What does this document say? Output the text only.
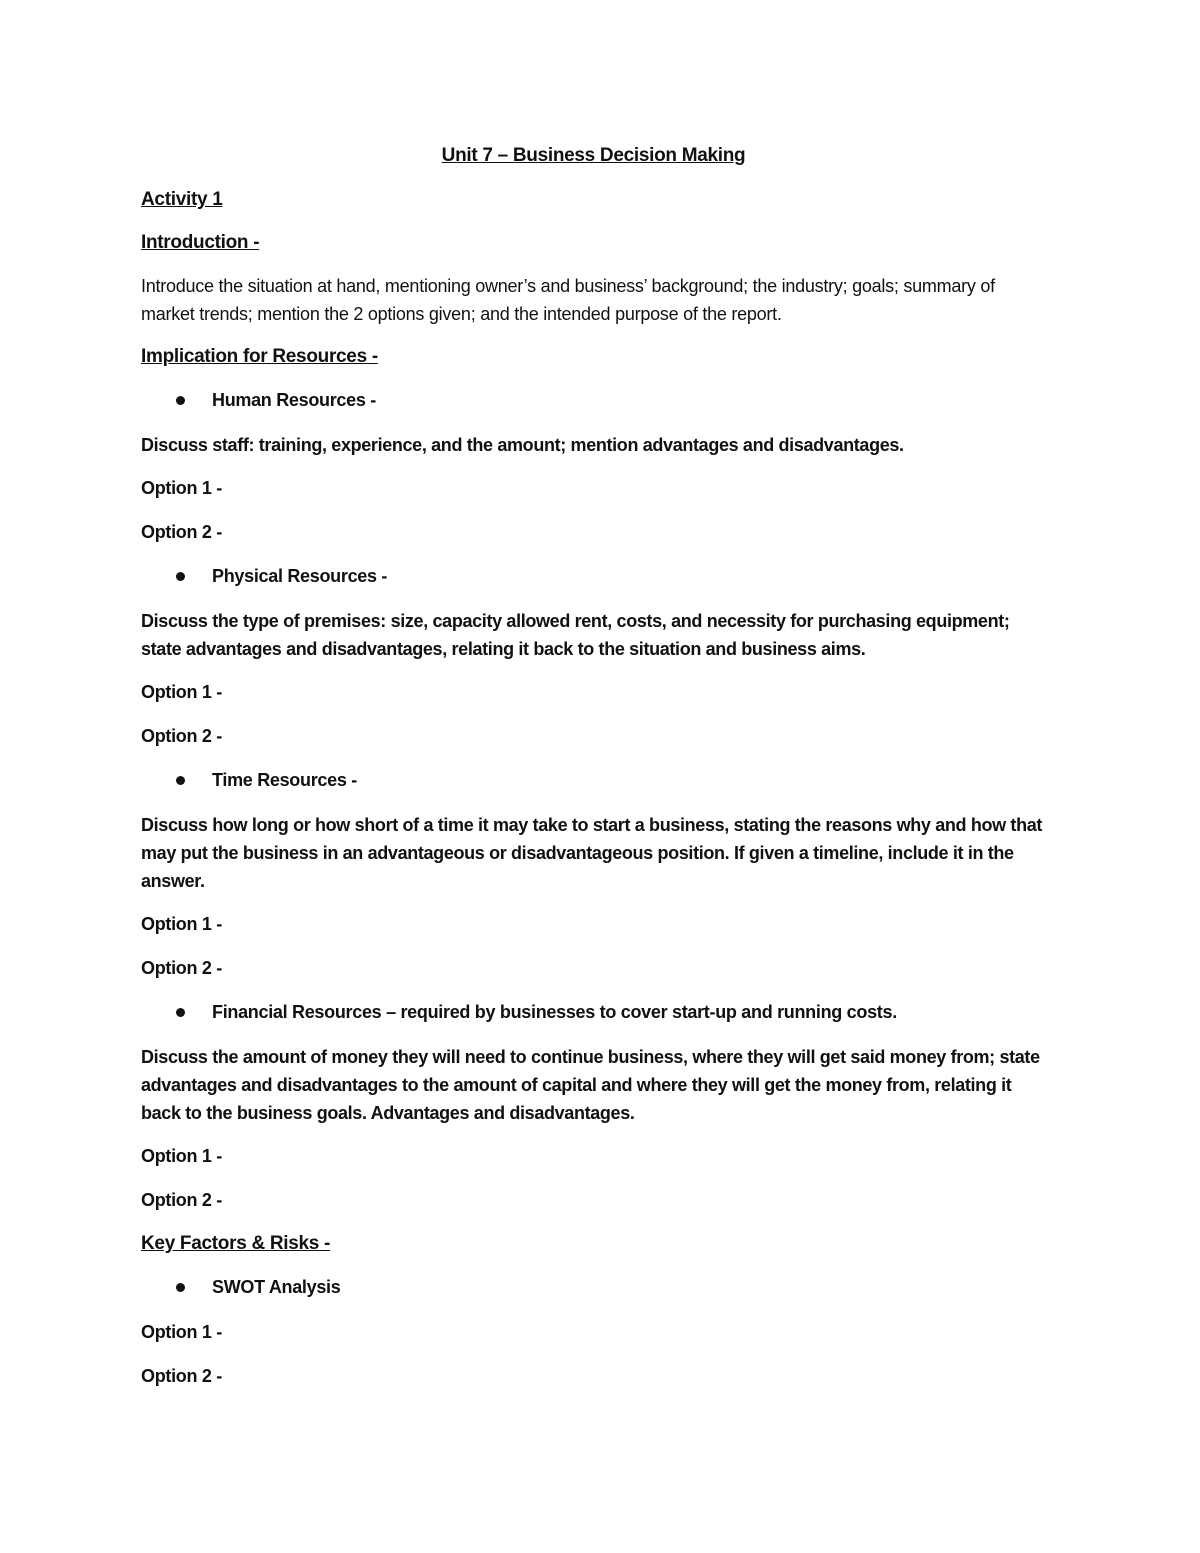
Unit 7 – Business Decision Making
Activity 1
Introduction -
Introduce the situation at hand, mentioning owner’s and business’ background; the industry; goals; summary of market trends; mention the 2 options given; and the intended purpose of the report.
Implication for Resources -
Human Resources -
Discuss staff: training, experience, and the amount; mention advantages and disadvantages.
Option 1 -
Option 2 -
Physical Resources -
Discuss the type of premises: size, capacity allowed rent, costs, and necessity for purchasing equipment; state advantages and disadvantages, relating it back to the situation and business aims.
Option 1 -
Option 2 -
Time Resources -
Discuss how long or how short of a time it may take to start a business, stating the reasons why and how that may put the business in an advantageous or disadvantageous position. If given a timeline, include it in the answer.
Option 1 -
Option 2 -
Financial Resources – required by businesses to cover start-up and running costs.
Discuss the amount of money they will need to continue business, where they will get said money from; state advantages and disadvantages to the amount of capital and where they will get the money from, relating it back to the business goals. Advantages and disadvantages.
Option 1 -
Option 2 -
Key Factors & Risks -
SWOT Analysis
Option 1 -
Option 2 -
